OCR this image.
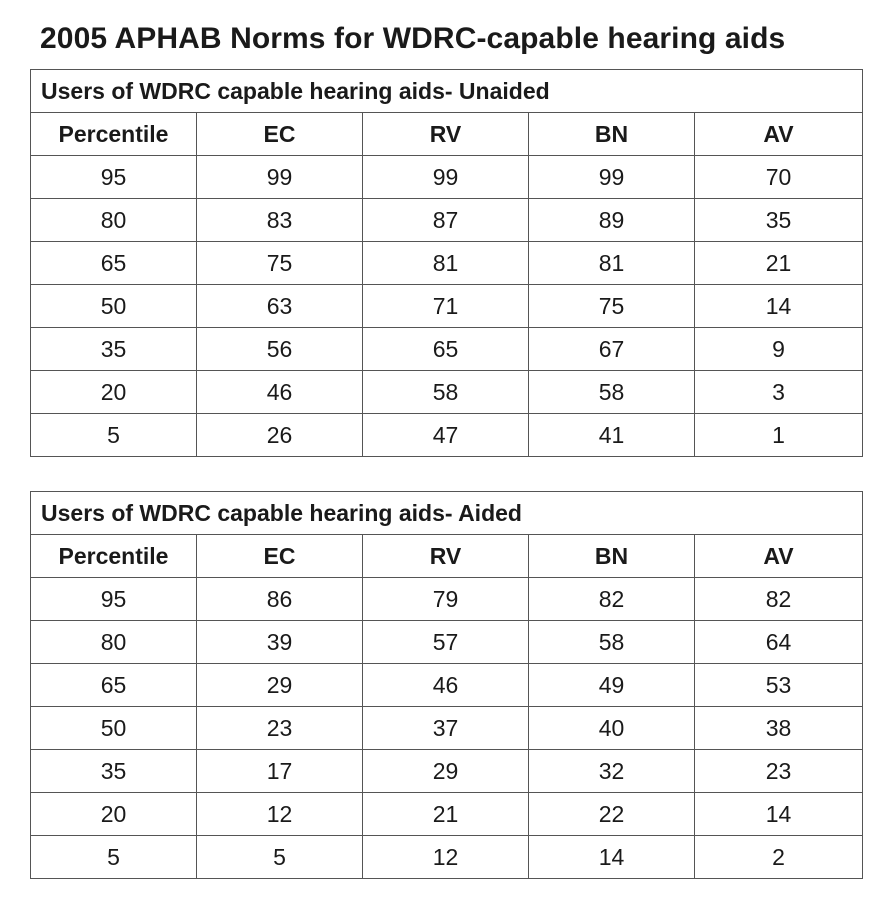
2005 APHAB Norms for WDRC-capable hearing aids
Users of WDRC capable hearing aids- Unaided				
Percentile	EC	RV	BN	AV
95	99	99	99	70
80	83	87	89	35
65	75	81	81	21
50	63	71	75	14
35	56	65	67	9
20	46	58	58	3
5	26	47	41	1
Users of WDRC capable hearing aids- Aided				
Percentile	EC	RV	BN	AV
95	86	79	82	82
80	39	57	58	64
65	29	46	49	53
50	23	37	40	38
35	17	29	32	23
20	12	21	22	14
5	5	12	14	2
